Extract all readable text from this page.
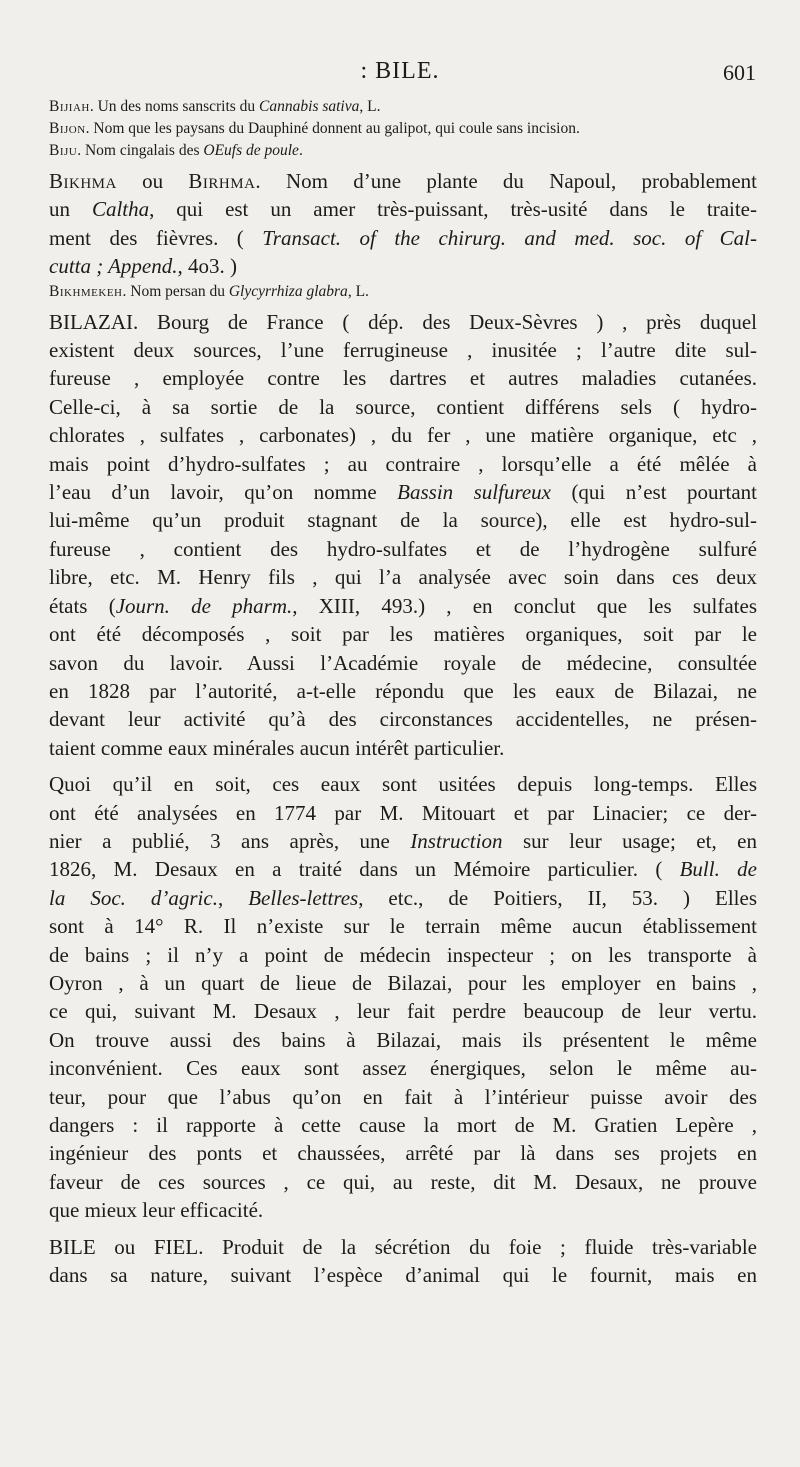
: BILE.	601

Bijiah. Un des noms sanscrits du Cannabis sativa, L.

Bijon. Nom que les paysans du Dauphiné donnent au galipot, qui coule sans incision.

Biju. Nom cingalais des OEufs de poule.

Bikhma ou Birhma. Nom d’une plante du Napoul, probablement
un Caltha, qui est un amer très-puissant, très-usité dans le traite-
ment des fièvres. ( Transact. of the chirurg. and med. soc. of Cal-
cutta ; Append., 4o3. )

Bikhmekeh. Nom persan du Glycyrrhiza glabra, L.

BILAZAI. Bourg de France ( dép. des Deux-Sèvres ) , près duquel
existent deux sources, l’une ferrugineuse , inusitée ; l’autre dite sul-
fureuse , employée contre les dartres et autres maladies cutanées.
Celle-ci, à sa sortie de la source, contient différens sels ( hydro-
chlorates , sulfates , carbonates) , du fer , une matière organique, etc ,
mais point d’hydro-sulfates ; au contraire , lorsqu’elle a été mêlée à
l’eau d’un lavoir, qu’on nomme Bassin sulfureux (qui n’est pourtant
lui-même qu’un produit stagnant de la source), elle est hydro-sul-
fureuse , contient des hydro-sulfates et de l’hydrogène sulfuré
libre, etc. M. Henry fils , qui l’a analysée avec soin dans ces deux
états (Journ. de pharm., XIII, 493.) , en conclut que les sulfates
ont été décomposés , soit par les matières organiques, soit par le
savon du lavoir. Aussi l’Académie royale de médecine, consultée
en 1828 par l’autorité, a-t-elle répondu que les eaux de Bilazai, ne
devant leur activité qu’à des circonstances accidentelles, ne présen-
taient comme eaux minérales aucun intérêt particulier.
Quoi qu’il en soit, ces eaux sont usitées depuis long-temps. Elles
ont été analysées en 1774 par M. Mitouart et par Linacier; ce der-
nier a publié, 3 ans après, une Instruction sur leur usage; et, en
1826, M. Desaux en a traité dans un Mémoire particulier. ( Bull. de
la Soc. d’agric., Belles-lettres, etc., de Poitiers, II, 53. ) Elles
sont à 14° R. Il n’existe sur le terrain même aucun établissement
de bains ; il n’y a point de médecin inspecteur ; on les transporte à
Oyron , à un quart de lieue de Bilazai, pour les employer en bains ,
ce qui, suivant M. Desaux , leur fait perdre beaucoup de leur vertu.
On trouve aussi des bains à Bilazai, mais ils présentent le même
inconvénient. Ces eaux sont assez énergiques, selon le même au-
teur, pour que l’abus qu’on en fait à l’intérieur puisse avoir des
dangers : il rapporte à cette cause la mort de M. Gratien Lepère ,
ingénieur des ponts et chaussées, arrêté par là dans ses projets en
faveur de ces sources , ce qui, au reste, dit M. Desaux, ne prouve
que mieux leur efficacité.
BILE ou FIEL. Produit de la sécrétion du foie ; fluide très-variable
dans sa nature, suivant l’espèce d’animal qui le fournit, mais en
